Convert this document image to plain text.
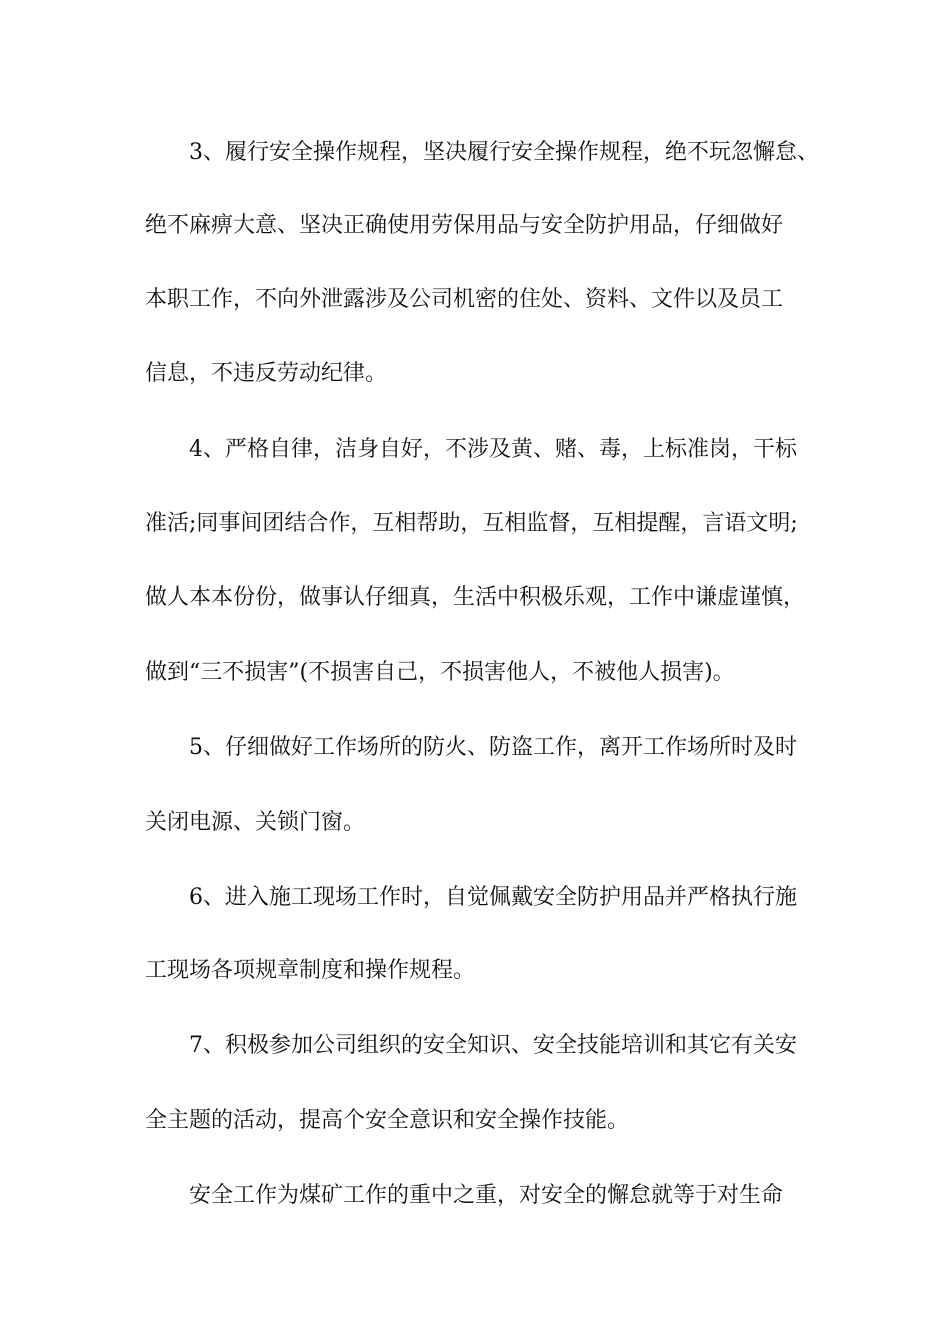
3、履行安全操作规程，坚决履行安全操作规程，绝不玩忽懈怠、
绝不麻痹大意、坚决正确使用劳保用品与安全防护用品，仔细做好
本职工作，不向外泄露涉及公司机密的住处、资料、文件以及员工
信息，不违反劳动纪律。
4、严格自律，洁身自好，不涉及黄、赌、毒，上标准岗，干标
准活;同事间团结合作，互相帮助，互相监督，互相提醒，言语文明;
做人本本份份，做事认仔细真，生活中积极乐观，工作中谦虚谨慎，
做到“三不损害”(不损害自己，不损害他人，不被他人损害)。
5、仔细做好工作场所的防火、防盗工作，离开工作场所时及时
关闭电源、关锁门窗。
6、进入施工现场工作时，自觉佩戴安全防护用品并严格执行施
工现场各项规章制度和操作规程。
7、积极参加公司组织的安全知识、安全技能培训和其它有关安
全主题的活动，提高个安全意识和安全操作技能。
安全工作为煤矿工作的重中之重，对安全的懈怠就等于对生命
